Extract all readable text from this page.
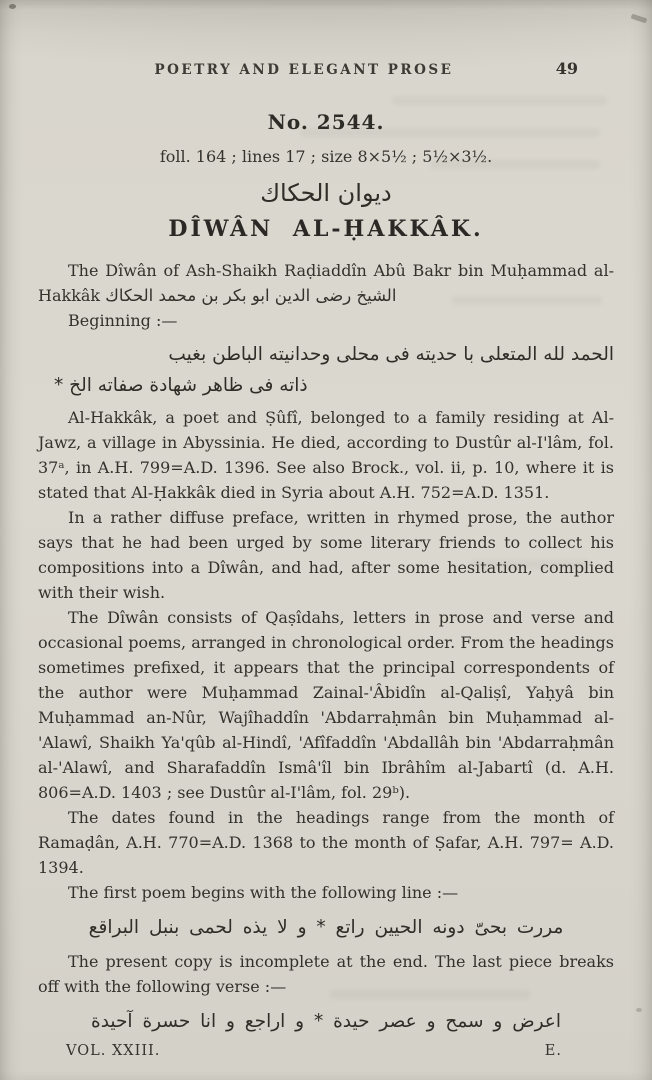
POETRY AND ELEGANT PROSE	49
No. 2544.
foll. 164 ; lines 17 ; size 8×5½ ; 5½×3½.
ديوان الحكاك
DÎWÂN AL-ḤAKKÂK.

The Dîwân of Ash-Shaikh Raḍiaddîn Abû Bakr bin Muḥammad al-Hakkâk الشيخ رضى الدين ابو بكر بن محمد الحكاك

Beginning :—

الحمد لله المتعلى با حديته فى محلى وحدانيته الباطن بغيب
ذاته فى ظاهر شهادة صفاته الخ *

Al-Hakkâk, a poet and Ṣûfî, belonged to a family residing at Al-Jawz, a village in Abyssinia. He died, according to Dustûr al-I'lâm, fol. 37ᵃ, in A.H. 799=A.D. 1396. See also Brock., vol. ii, p. 10, where it is stated that Al-Ḥakkâk died in Syria about A.H. 752=A.D. 1351.

In a rather diffuse preface, written in rhymed prose, the author says that he had been urged by some literary friends to collect his compositions into a Dîwân, and had, after some hesitation, complied with their wish.

The Dîwân consists of Qaṣîdahs, letters in prose and verse and occasional poems, arranged in chronological order. From the headings sometimes prefixed, it appears that the principal correspondents of the author were Muḥammad Zainal-'Âbidîn al-Qaliṣî, Yaḥyâ bin Muḥammad an-Nûr, Wajîhaddîn 'Abdarraḥmân bin Muḥammad al-'Alawî, Shaikh Ya'qûb al-Hindî, 'Afîfaddîn 'Abdallâh bin 'Abdarraḥmân al-'Alawî, and Sharafaddîn Ismâ'îl bin Ibrâhîm al-Jabartî (d. A.H. 806=A.D. 1403 ; see Dustûr al-I'lâm, fol. 29ᵇ).

The dates found in the headings range from the month of Ramaḍân, A.H. 770=A.D. 1368 to the month of Ṣafar, A.H. 797= A.D. 1394.

The first poem begins with the following line :—

مررت بحىّ دونه الحيين راتع * و لا يذه لحمى بنبل البراقع

The present copy is incomplete at the end. The last piece breaks off with the following verse :—

اعرض و سمح و عصر حيدة * و اراجع و انا حسرة آحيدة
VOL. XXIII.	E.
